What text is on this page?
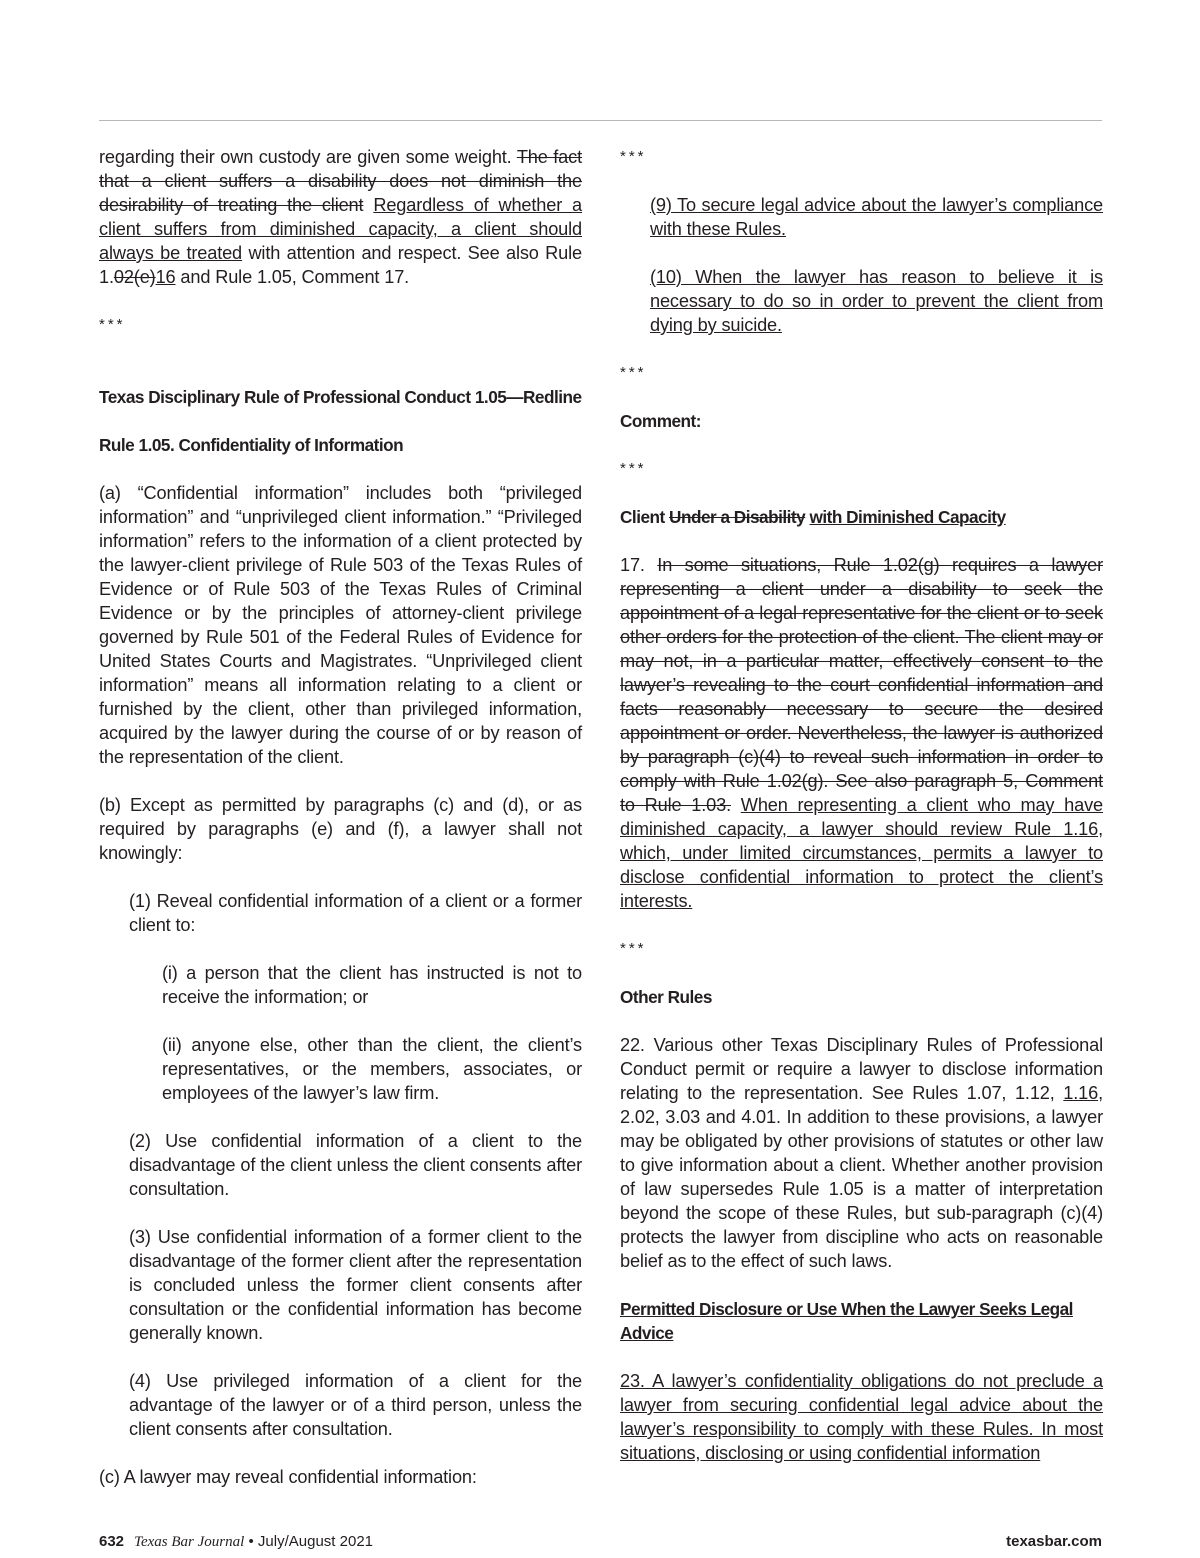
regarding their own custody are given some weight. The fact that a client suffers a disability does not diminish the desirability of treating the client Regardless of whether a client suffers from diminished capacity, a client should always be treated with attention and respect. See also Rule 1.02(e)16 and Rule 1.05, Comment 17.

***

Texas Disciplinary Rule of Professional Conduct 1.05—Redline

Rule 1.05. Confidentiality of Information

(a) “Confidential information” includes both “privileged information” and “unprivileged client information.” “Privileged information” refers to the information of a client protected by the lawyer-client privilege of Rule 503 of the Texas Rules of Evidence or of Rule 503 of the Texas Rules of Criminal Evidence or by the principles of attorney-client privilege governed by Rule 501 of the Federal Rules of Evidence for United States Courts and Magistrates. “Unprivileged client information” means all information relating to a client or furnished by the client, other than privileged information, acquired by the lawyer during the course of or by reason of the representation of the client.

(b) Except as permitted by paragraphs (c) and (d), or as required by paragraphs (e) and (f), a lawyer shall not knowingly:

(1) Reveal confidential information of a client or a former client to:

(i) a person that the client has instructed is not to receive the information; or

(ii) anyone else, other than the client, the client’s representatives, or the members, associates, or employees of the lawyer’s law firm.

(2) Use confidential information of a client to the disadvantage of the client unless the client consents after consultation.

(3) Use confidential information of a former client to the disadvantage of the former client after the representation is concluded unless the former client consents after consultation or the confidential information has become generally known.

(4) Use privileged information of a client for the advantage of the lawyer or of a third person, unless the client consents after consultation.

(c) A lawyer may reveal confidential information:

***

(9) To secure legal advice about the lawyer’s compliance with these Rules.

(10) When the lawyer has reason to believe it is necessary to do so in order to prevent the client from dying by suicide.

***

Comment:

***

Client Under a Disability with Diminished Capacity

17. In some situations, Rule 1.02(g) requires a lawyer representing a client under a disability to seek the appointment of a legal representative for the client or to seek other orders for the protection of the client. The client may or may not, in a particular matter, effectively consent to the lawyer’s revealing to the court confidential information and facts reasonably necessary to secure the desired appointment or order. Nevertheless, the lawyer is authorized by paragraph (c)(4) to reveal such information in order to comply with Rule 1.02(g). See also paragraph 5, Comment to Rule 1.03. When representing a client who may have diminished capacity, a lawyer should review Rule 1.16, which, under limited circumstances, permits a lawyer to disclose confidential information to protect the client’s interests.

***

Other Rules

22. Various other Texas Disciplinary Rules of Professional Conduct permit or require a lawyer to disclose information relating to the representation. See Rules 1.07, 1.12, 1.16, 2.02, 3.03 and 4.01. In addition to these provisions, a lawyer may be obligated by other provisions of statutes or other law to give information about a client. Whether another provision of law supersedes Rule 1.05 is a matter of interpretation beyond the scope of these Rules, but sub-paragraph (c)(4) protects the lawyer from discipline who acts on reasonable belief as to the effect of such laws.

Permitted Disclosure or Use When the Lawyer Seeks Legal Advice

23. A lawyer’s confidentiality obligations do not preclude a lawyer from securing confidential legal advice about the lawyer’s responsibility to comply with these Rules. In most situations, disclosing or using confidential information

632 Texas Bar Journal • July/August 2021	texasbar.com
